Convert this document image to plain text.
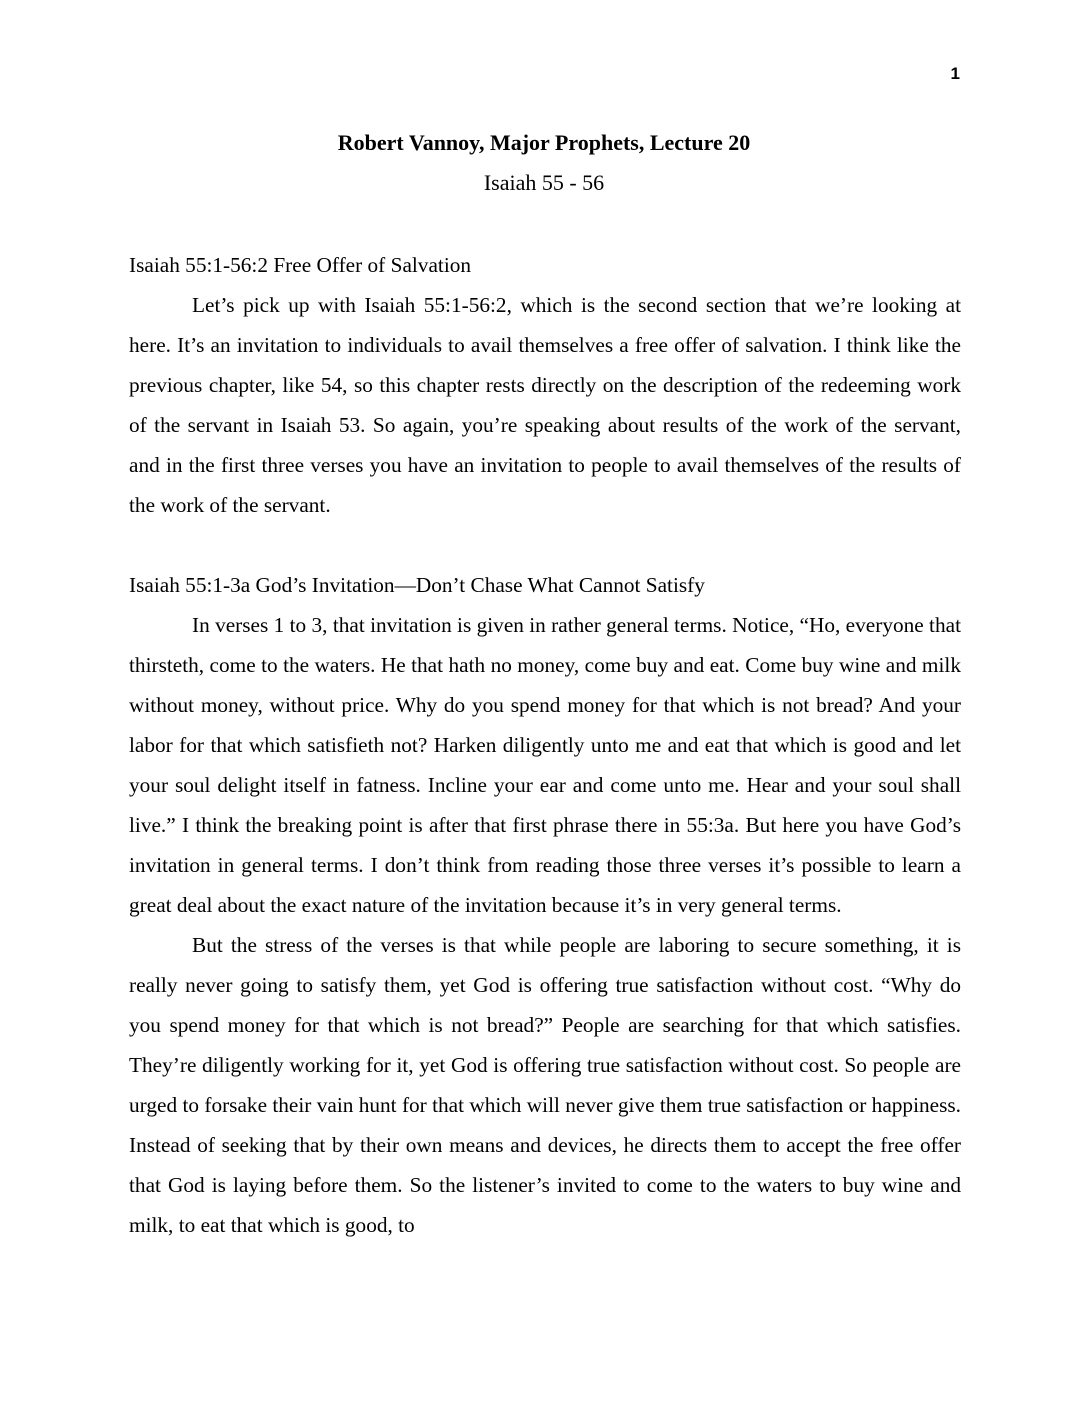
1
Robert Vannoy, Major Prophets, Lecture 20
Isaiah 55 - 56

Isaiah 55:1-56:2 Free Offer of Salvation

Let’s pick up with Isaiah 55:1-56:2, which is the second section that we’re looking at here. It’s an invitation to individuals to avail themselves a free offer of salvation. I think like the previous chapter, like 54, so this chapter rests directly on the description of the redeeming work of the servant in Isaiah 53. So again, you’re speaking about results of the work of the servant, and in the first three verses you have an invitation to people to avail themselves of the results of the work of the servant.

Isaiah 55:1-3a God’s Invitation—Don’t Chase What Cannot Satisfy

In verses 1 to 3, that invitation is given in rather general terms. Notice, “Ho, everyone that thirsteth, come to the waters. He that hath no money, come buy and eat. Come buy wine and milk without money, without price. Why do you spend money for that which is not bread? And your labor for that which satisfieth not? Harken diligently unto me and eat that which is good and let your soul delight itself in fatness. Incline your ear and come unto me. Hear and your soul shall live.” I think the breaking point is after that first phrase there in 55:3a. But here you have God’s invitation in general terms. I don’t think from reading those three verses it’s possible to learn a great deal about the exact nature of the invitation because it’s in very general terms.

But the stress of the verses is that while people are laboring to secure something, it is really never going to satisfy them, yet God is offering true satisfaction without cost. “Why do you spend money for that which is not bread?” People are searching for that which satisfies. They’re diligently working for it, yet God is offering true satisfaction without cost. So people are urged to forsake their vain hunt for that which will never give them true satisfaction or happiness. Instead of seeking that by their own means and devices, he directs them to accept the free offer that God is laying before them. So the listener’s invited to come to the waters to buy wine and milk, to eat that which is good, to
